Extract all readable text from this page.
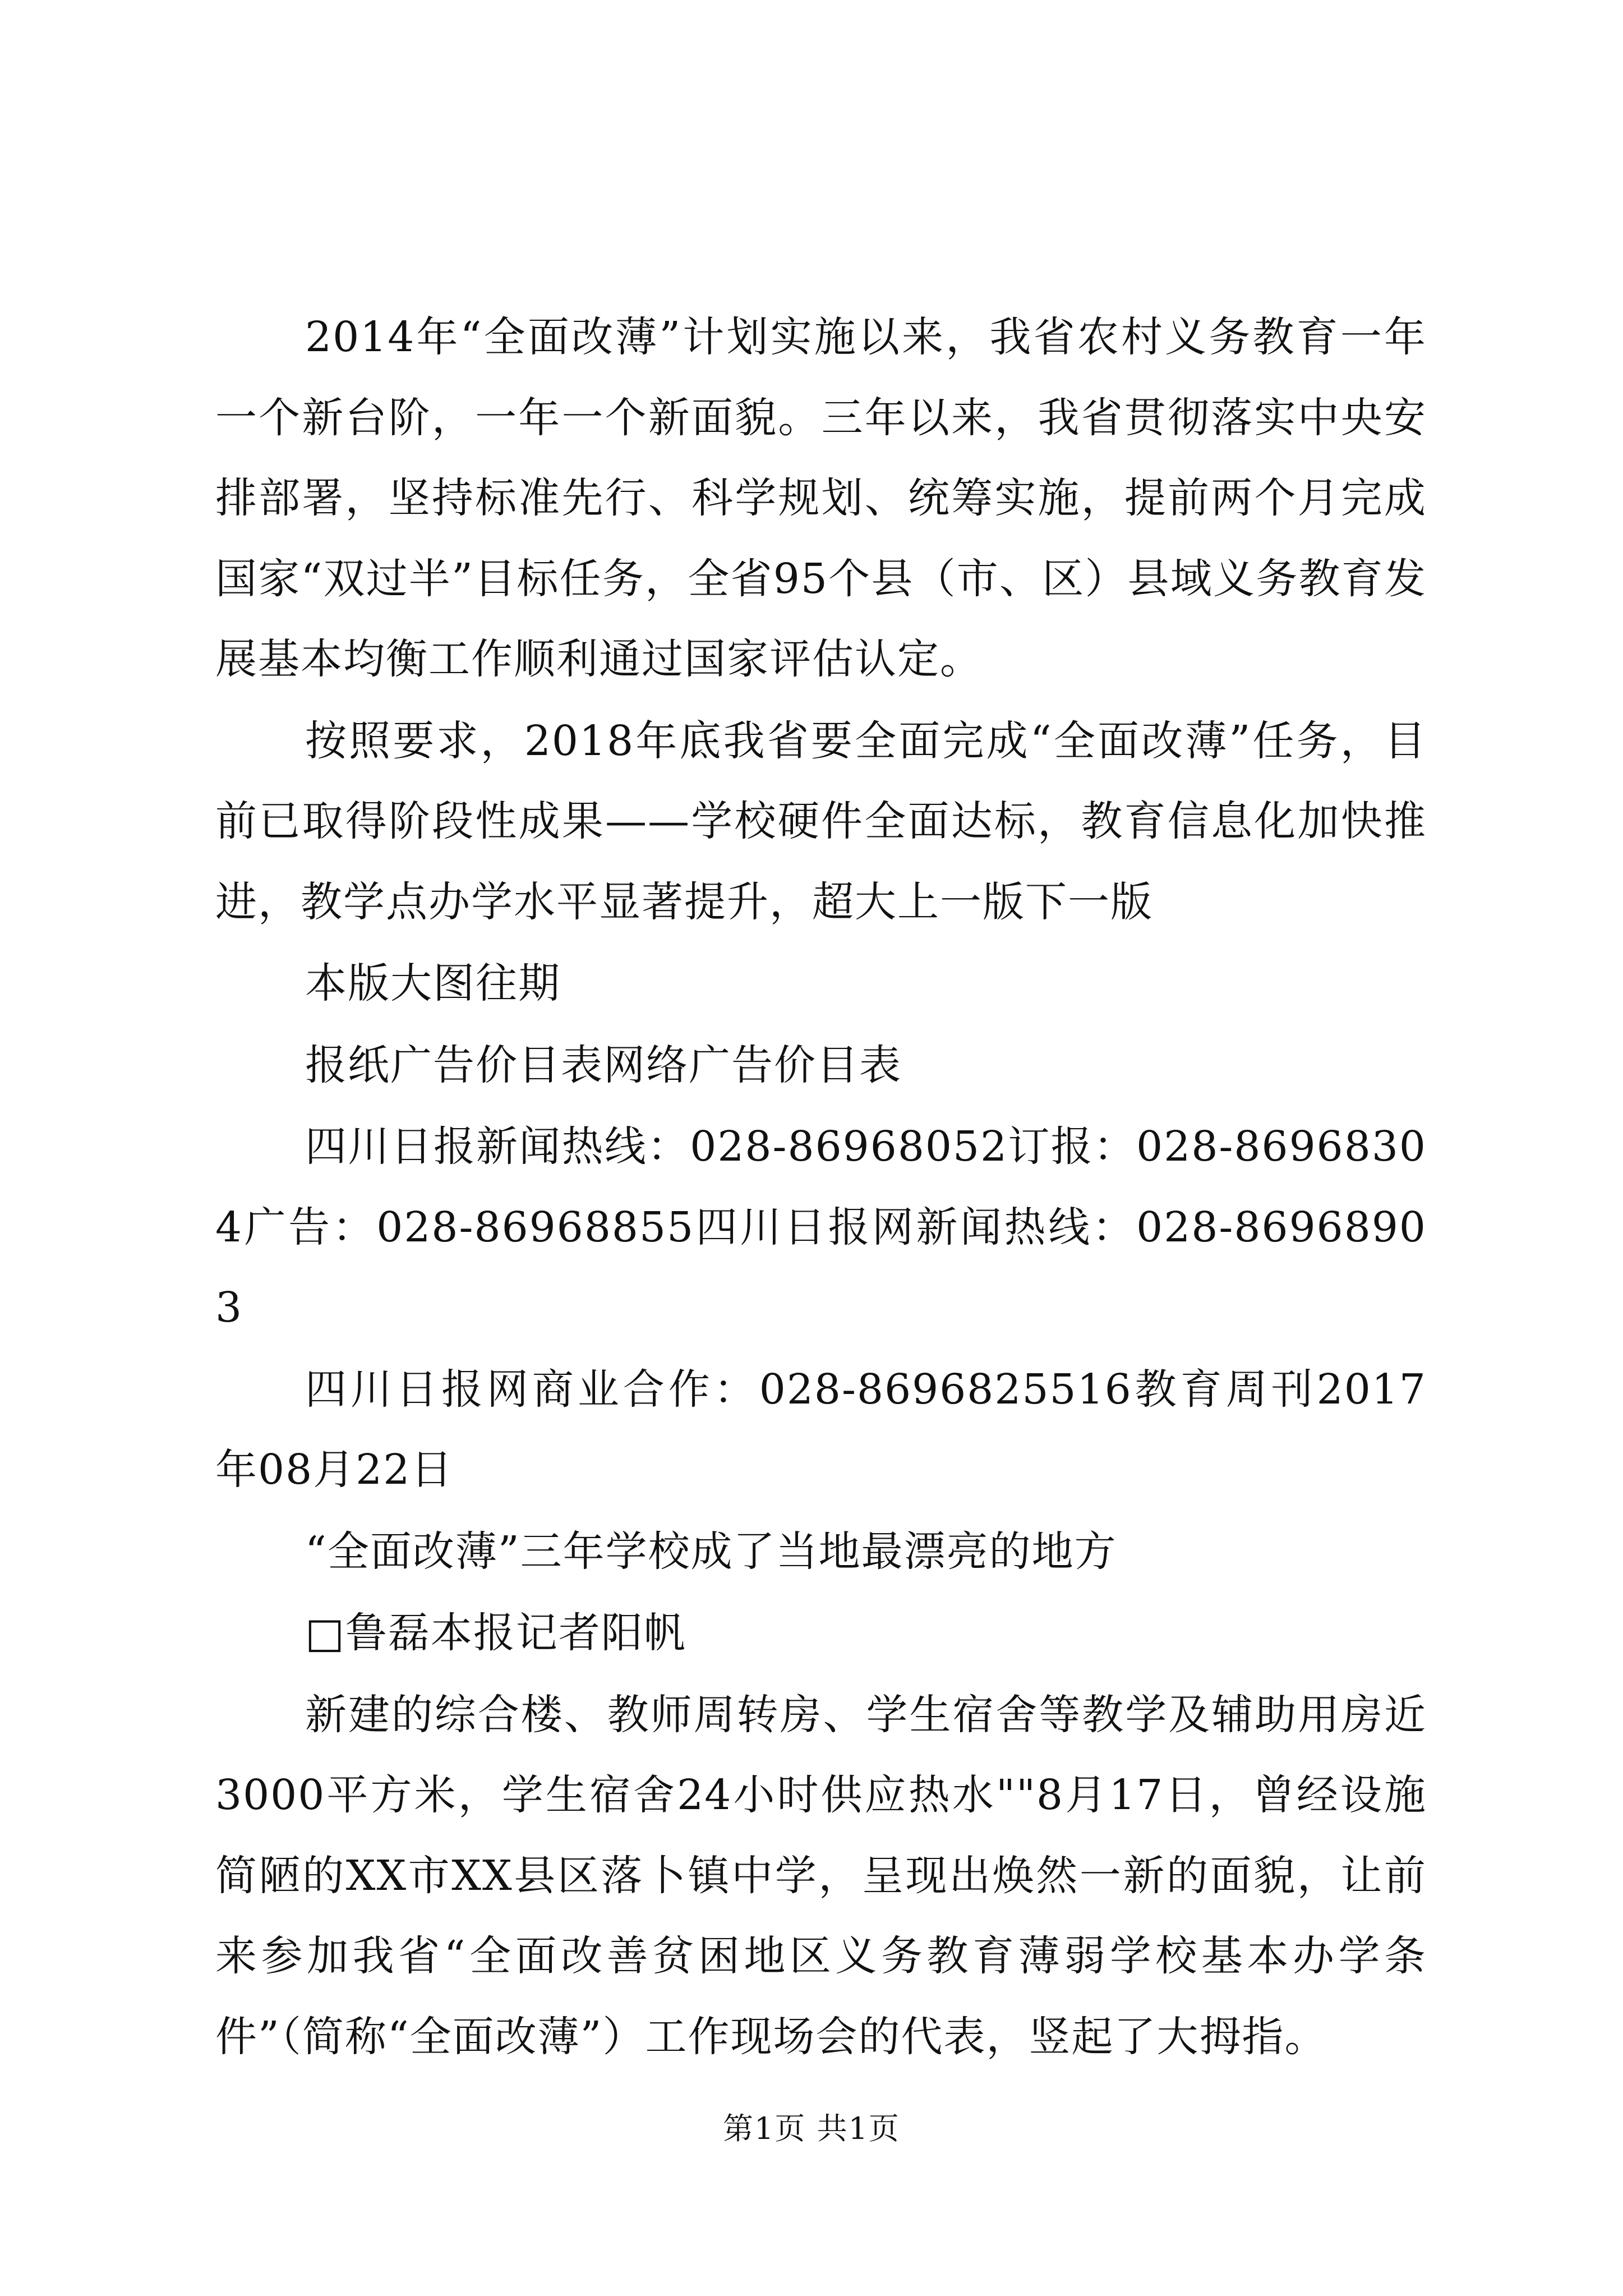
2014年“全面改薄”计划实施以来，我省农村义务教育一年一个新台阶，一年一个新面貌。三年以来，我省贯彻落实中央安排部署，坚持标准先行、科学规划、统筹实施，提前两个月完成国家“双过半”目标任务，全省95个县（市、区）县域义务教育发展基本均衡工作顺利通过国家评估认定。

按照要求，2018年底我省要全面完成“全面改薄”任务，目前已取得阶段性成果——学校硬件全面达标，教育信息化加快推进，教学点办学水平显著提升，超大上一版下一版

本版大图往期

报纸广告价目表网络广告价目表

四川日报新闻热线：028-86968052订报：028-86968304广告：028-86968855四川日报网新闻热线：028-86968903

四川日报网商业合作：028-8696825516教育周刊2017年08月22日

“全面改薄”三年学校成了当地最漂亮的地方

□鲁磊本报记者阳帆

新建的综合楼、教师周转房、学生宿舍等教学及辅助用房近3000平方米，学生宿舍24小时供应热水""8月17日，曾经设施简陋的XX市XX县区落卜镇中学，呈现出焕然一新的面貌，让前来参加我省“全面改善贫困地区义务教育薄弱学校基本办学条件”（简称“全面改薄”）工作现场会的代表，竖起了大拇指。

第1页 共1页
